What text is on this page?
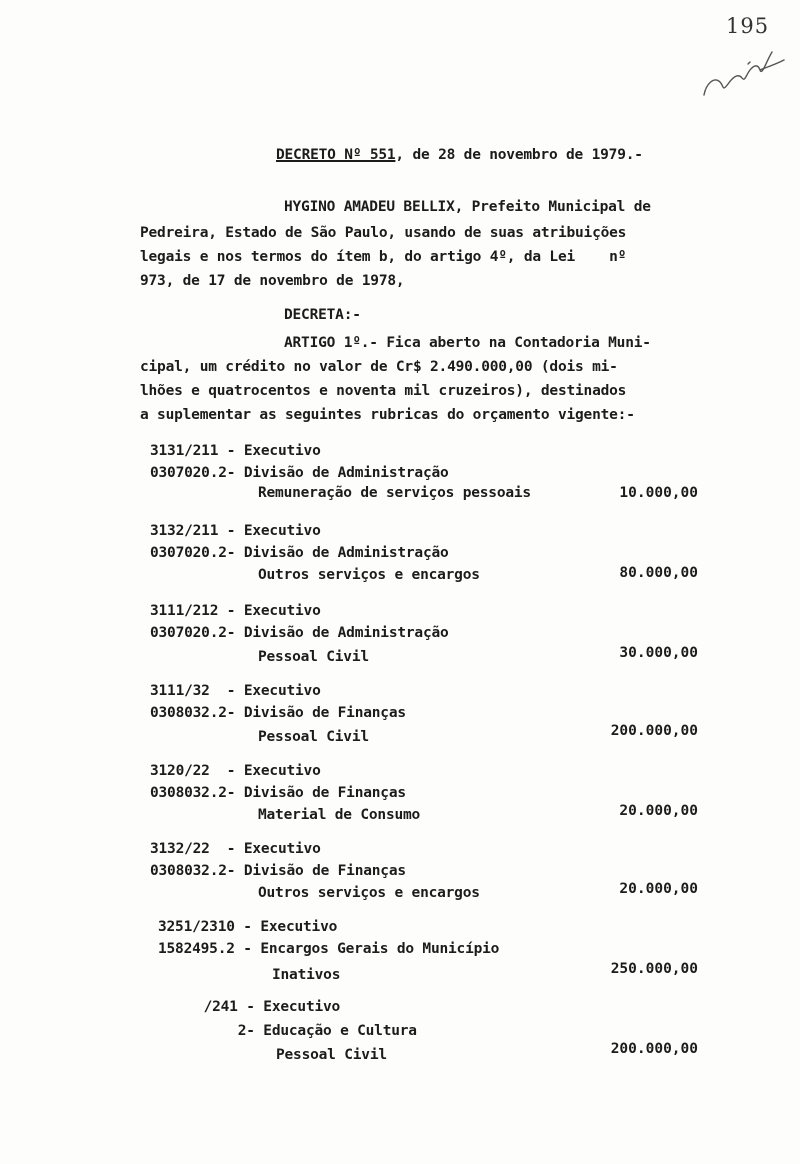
195
DECRETO Nº 551, de 28 de novembro de 1979.-
HYGINO AMADEU BELLIX, Prefeito Municipal de
Pedreira, Estado de São Paulo, usando de suas atribuições
legais e nos termos do ítem b, do artigo 4º, da Lei    nº
973, de 17 de novembro de 1978,
DECRETA:-
ARTIGO 1º.- Fica aberto na Contadoria Muni-
cipal, um crédito no valor de Cr$ 2.490.000,00 (dois mi-
lhões e quatrocentos e noventa mil cruzeiros), destinados
a suplementar as seguintes rubricas do orçamento vigente:-
3131/211 - Executivo
0307020.2- Divisão de Administração
Remuneração de serviços pessoais	10.000,00
3132/211 - Executivo
0307020.2- Divisão de Administração
Outros serviços e encargos	80.000,00
3111/212 - Executivo
0307020.2- Divisão de Administração
Pessoal Civil	30.000,00
3111/32  - Executivo
0308032.2- Divisão de Finanças
Pessoal Civil	200.000,00
3120/22  - Executivo
0308032.2- Divisão de Finanças
Material de Consumo	20.000,00
3132/22  - Executivo
0308032.2- Divisão de Finanças
Outros serviços e encargos	20.000,00
3251/2310 - Executivo
1582495.2 - Encargos Gerais do Município
Inativos	250.000,00
/241 - Executivo
2- Educação e Cultura
Pessoal Civil	200.000,00
